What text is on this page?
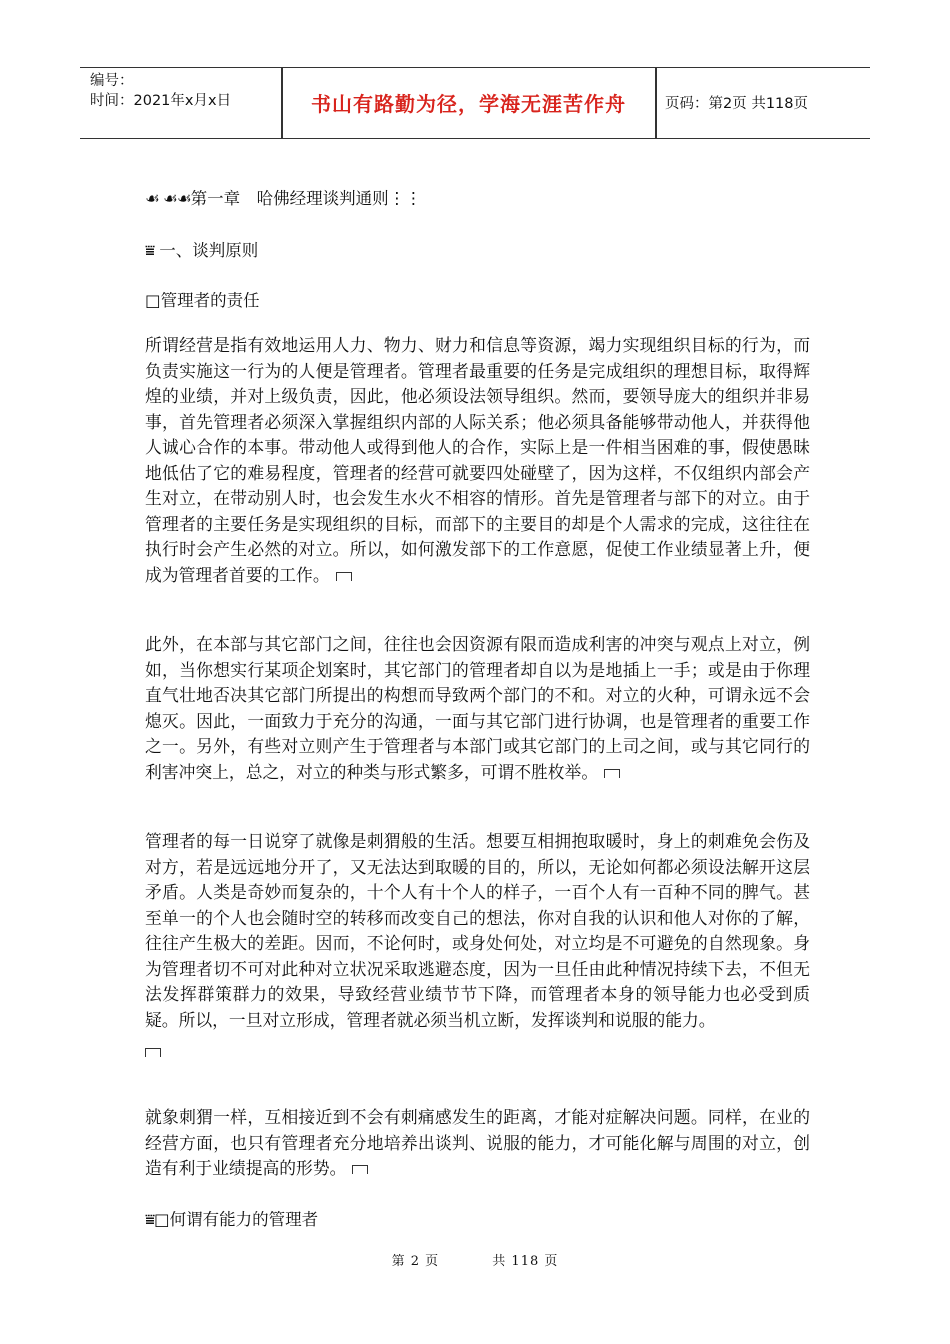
编号：
时间：2021年x月x日	书山有路勤为径，学海无涯苦作舟	页码：第2页 共118页
☙ ☙☙第一章　哈佛经理谈判通则⋮⋮
⩸ 一、谈判原则
□管理者的责任

所谓经营是指有效地运用人力、物力、财力和信息等资源，竭力实现组织目标的行为，而负责实施这一行为的人便是管理者。管理者最重要的任务是完成组织的理想目标，取得辉煌的业绩，并对上级负责，因此，他必须设法领导组织。然而，要领导庞大的组织并非易事，首先管理者必须深入掌握组织内部的人际关系；他必须具备能够带动他人，并获得他人诚心合作的本事。带动他人或得到他人的合作，实际上是一件相当困难的事，假使愚昧地低估了它的难易程度，管理者的经营可就要四处碰壁了，因为这样，不仅组织内部会产生对立，在带动别人时，也会发生水火不相容的情形。首先是管理者与部下的对立。由于管理者的主要任务是实现组织的目标，而部下的主要目的却是个人需求的完成，这往往在执行时会产生必然的对立。所以，如何激发部下的工作意愿，促使工作业绩显著上升，便成为管理者首要的工作。

此外，在本部与其它部门之间，往往也会因资源有限而造成利害的冲突与观点上对立，例如，当你想实行某项企划案时，其它部门的管理者却自以为是地插上一手；或是由于你理直气壮地否决其它部门所提出的构想而导致两个部门的不和。对立的火种，可谓永远不会熄灭。因此，一面致力于充分的沟通，一面与其它部门进行协调，也是管理者的重要工作之一。另外，有些对立则产生于管理者与本部门或其它部门的上司之间，或与其它同行的利害冲突上，总之，对立的种类与形式繁多，可谓不胜枚举。

管理者的每一日说穿了就像是刺猬般的生活。想要互相拥抱取暖时，身上的刺难免会伤及对方，若是远远地分开了，又无法达到取暖的目的，所以，无论如何都必须设法解开这层矛盾。人类是奇妙而复杂的，十个人有十个人的样子，一百个人有一百种不同的脾气。甚至单一的个人也会随时空的转移而改变自己的想法，你对自我的认识和他人对你的了解，往往产生极大的差距。因而，不论何时，或身处何处，对立均是不可避免的自然现象。身为管理者切不可对此种对立状况采取逃避态度，因为一旦任由此种情况持续下去，不但无法发挥群策群力的效果，导致经营业绩节节下降，而管理者本身的领导能力也必受到质疑。所以，一旦对立形成，管理者就必须当机立断，发挥谈判和说服的能力。

就象刺猬一样，互相接近到不会有刺痛感发生的距离，才能对症解决问题。同样，在业的经营方面，也只有管理者充分地培养出谈判、说服的能力，才可能化解与周围的对立，创造有利于业绩提高的形势。

⩸□何谓有能力的管理者
第 2 页	共 118 页
